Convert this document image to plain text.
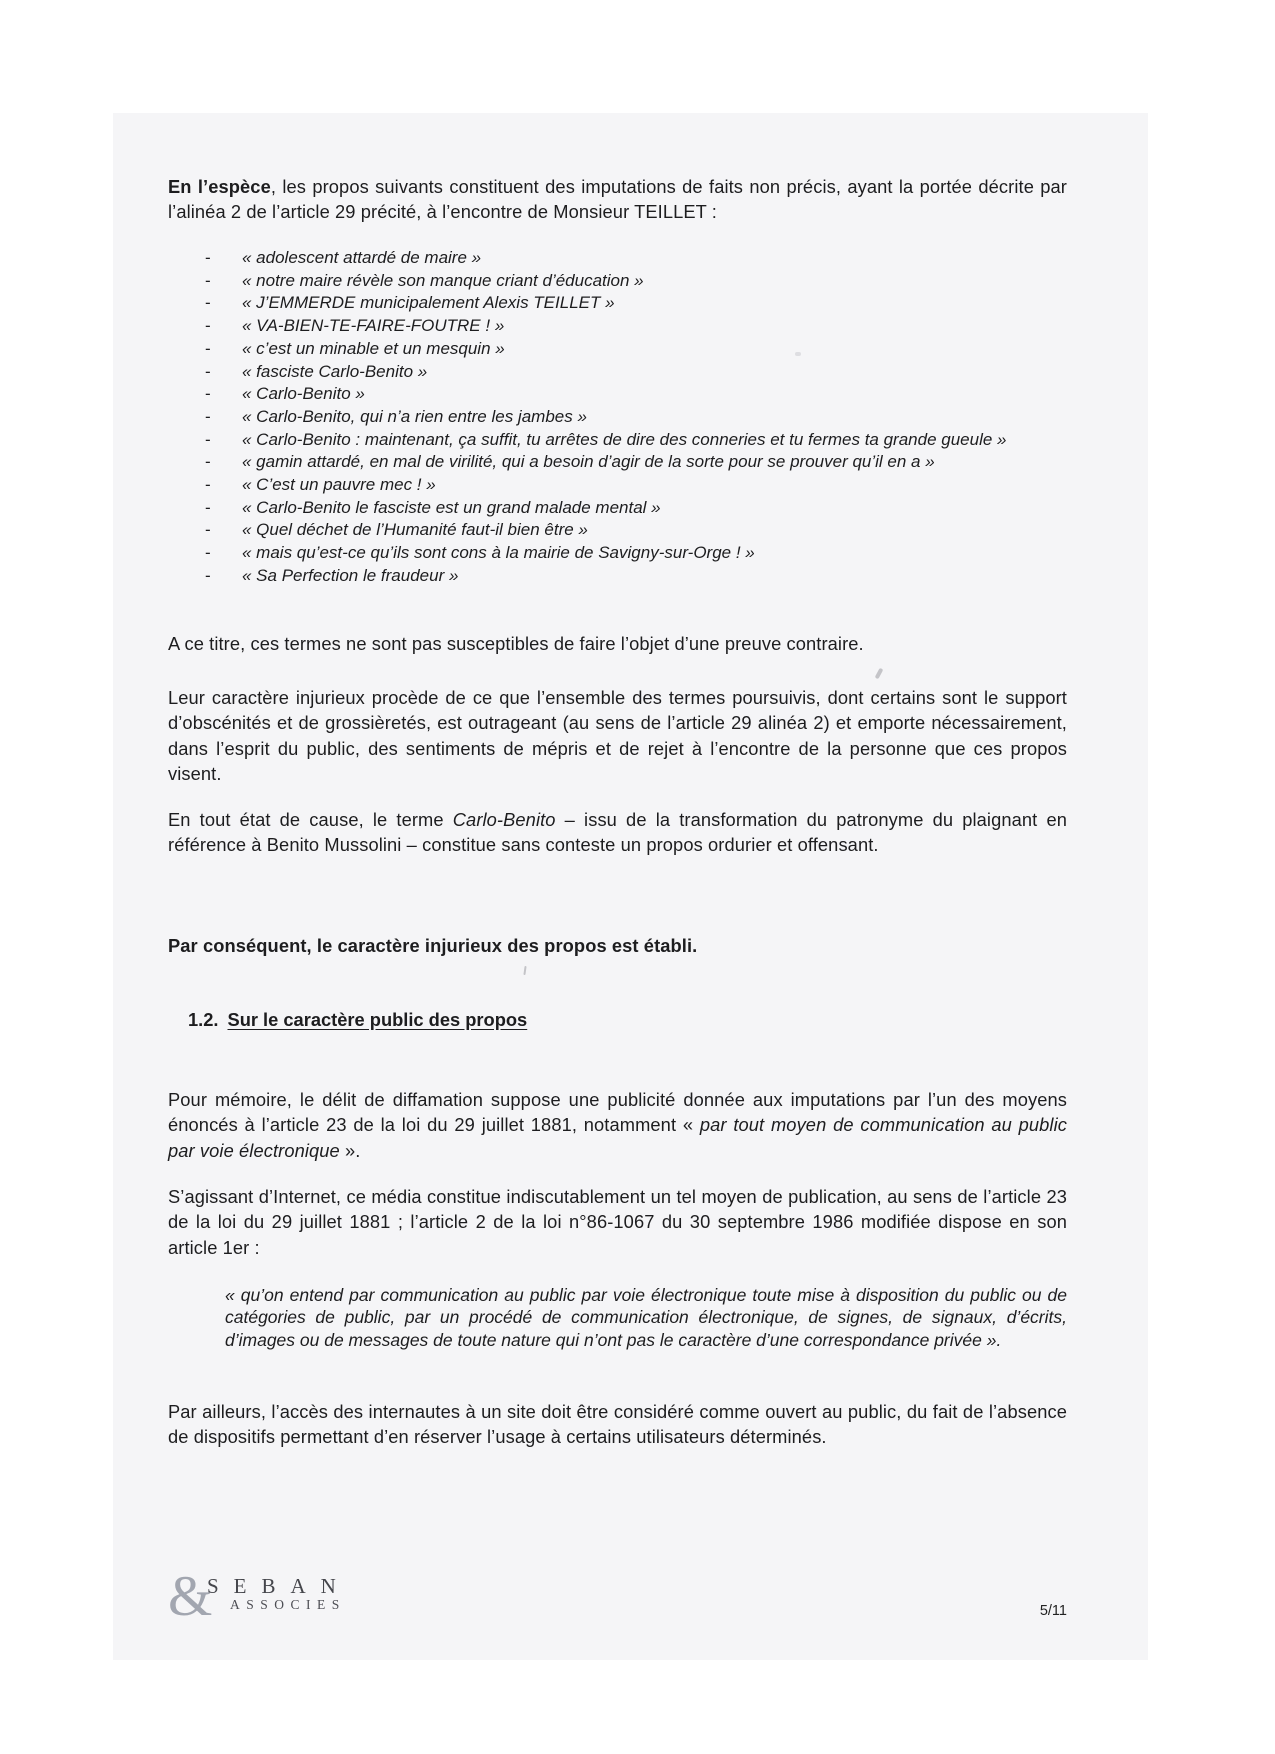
En l’espèce, les propos suivants constituent des imputations de faits non précis, ayant la portée décrite par l’alinéa 2 de l’article 29 précité, à l’encontre de Monsieur TEILLET :
- « adolescent attardé de maire »
- « notre maire révèle son manque criant d’éducation »
- « J’EMMERDE municipalement Alexis TEILLET »
- « VA-BIEN-TE-FAIRE-FOUTRE ! »
- « c’est un minable et un mesquin »
- « fasciste Carlo-Benito »
- « Carlo-Benito »
- « Carlo-Benito, qui n’a rien entre les jambes »
- « Carlo-Benito : maintenant, ça suffit, tu arrêtes de dire des conneries et tu fermes ta grande gueule »
- « gamin attardé, en mal de virilité, qui a besoin d’agir de la sorte pour se prouver qu’il en a »
- « C’est un pauvre mec ! »
- « Carlo-Benito le fasciste est un grand malade mental »
- « Quel déchet de l’Humanité faut-il bien être »
- « mais qu’est-ce qu’ils sont cons à la mairie de Savigny-sur-Orge ! »
- « Sa Perfection le fraudeur »
A ce titre, ces termes ne sont pas susceptibles de faire l’objet d’une preuve contraire.
Leur caractère injurieux procède de ce que l’ensemble des termes poursuivis, dont certains sont le support d’obscénités et de grossièretés, est outrageant (au sens de l’article 29 alinéa 2) et emporte nécessairement, dans l’esprit du public, des sentiments de mépris et de rejet à l’encontre de la personne que ces propos visent.
En tout état de cause, le terme Carlo-Benito – issu de la transformation du patronyme du plaignant en référence à Benito Mussolini – constitue sans conteste un propos ordurier et offensant.
Par conséquent, le caractère injurieux des propos est établi.
1.2. Sur le caractère public des propos
Pour mémoire, le délit de diffamation suppose une publicité donnée aux imputations par l’un des moyens énoncés à l’article 23 de la loi du 29 juillet 1881, notamment « par tout moyen de communication au public par voie électronique ».
S’agissant d’Internet, ce média constitue indiscutablement un tel moyen de publication, au sens de l’article 23 de la loi du 29 juillet 1881 ; l’article 2 de la loi n°86-1067 du 30 septembre 1986 modifiée dispose en son article 1er :
« qu’on entend par communication au public par voie électronique toute mise à disposition du public ou de catégories de public, par un procédé de communication électronique, de signes, de signaux, d’écrits, d’images ou de messages de toute nature qui n’ont pas le caractère d’une correspondance privée ».
Par ailleurs, l’accès des internautes à un site doit être considéré comme ouvert au public, du fait de l’absence de dispositifs permettant d’en réserver l’usage à certains utilisateurs déterminés.
&
SEBAN
ASSOCIES	5/11
